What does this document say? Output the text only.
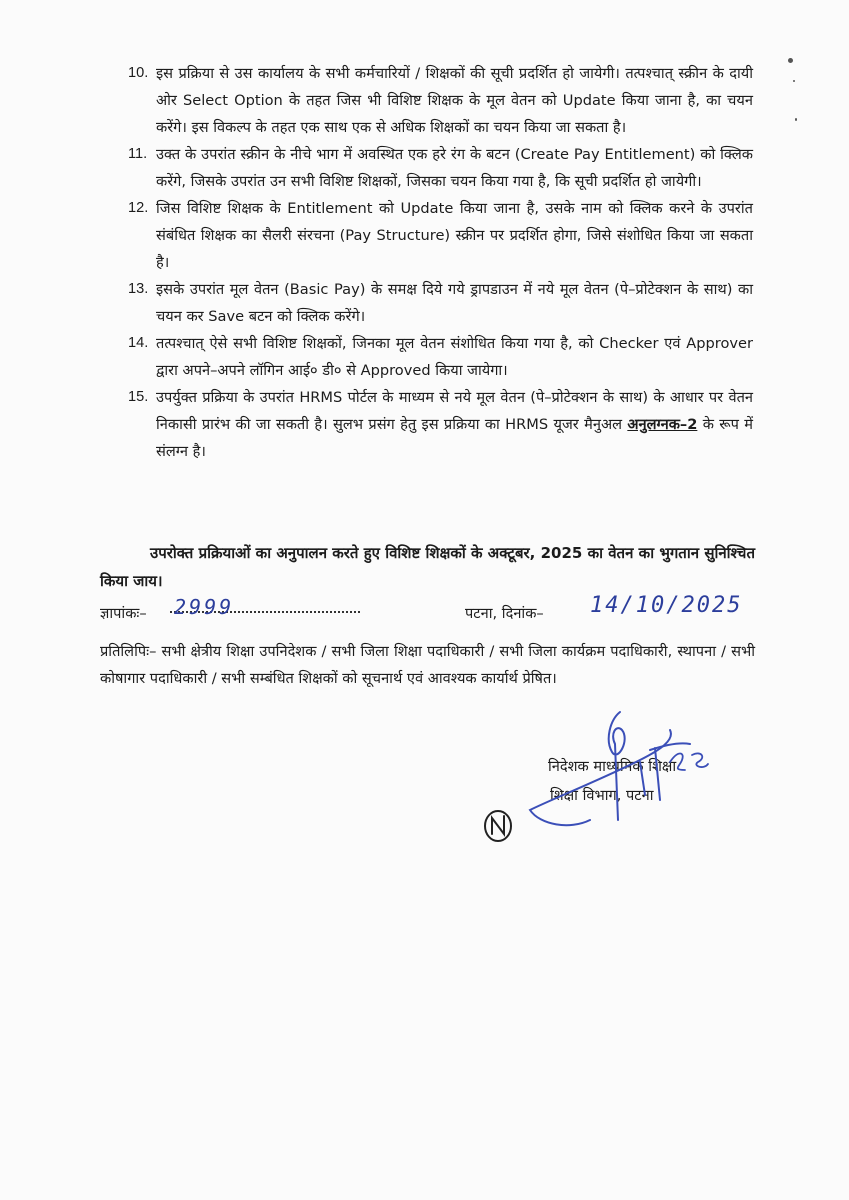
10. इस प्रक्रिया से उस कार्यालय के सभी कर्मचारियों / शिक्षकों की सूची प्रदर्शित हो जायेगी। तत्पश्चात् स्क्रीन के दायी ओर Select Option के तहत जिस भी विशिष्ट शिक्षक के मूल वेतन को Update किया जाना है, का चयन करेंगे। इस विकल्प के तहत एक साथ एक से अधिक शिक्षकों का चयन किया जा सकता है।

11. उक्त के उपरांत स्क्रीन के नीचे भाग में अवस्थित एक हरे रंग के बटन (Create Pay Entitlement) को क्लिक करेंगे, जिसके उपरांत उन सभी विशिष्ट शिक्षकों, जिसका चयन किया गया है, कि सूची प्रदर्शित हो जायेगी।

12. जिस विशिष्ट शिक्षक के Entitlement को Update किया जाना है, उसके नाम को क्लिक करने के उपरांत संबंधित शिक्षक का सैलरी संरचना (Pay Structure) स्क्रीन पर प्रदर्शित होगा, जिसे संशोधित किया जा सकता है।

13. इसके उपरांत मूल वेतन (Basic Pay) के समक्ष दिये गये ड्रापडाउन में नये मूल वेतन (पे–प्रोटेक्शन के साथ) का चयन कर Save बटन को क्लिक करेंगे।

14. तत्पश्चात् ऐसे सभी विशिष्ट शिक्षकों, जिनका मूल वेतन संशोधित किया गया है, को Checker एवं Approver द्वारा अपने–अपने लॉगिन आई० डी० से Approved किया जायेगा।

15. उपर्युक्त प्रक्रिया के उपरांत HRMS पोर्टल के माध्यम से नये मूल वेतन (पे–प्रोटेक्शन के साथ) के आधार पर वेतन निकासी प्रारंभ की जा सकती है। सुलभ प्रसंग हेतु इस प्रक्रिया का HRMS यूजर मैनुअल अनुलग्नक–2 के रूप में संलग्न है।

उपरोक्त प्रक्रियाओं का अनुपालन करते हुए विशिष्ट शिक्षकों के अक्टूबर, 2025 का वेतन का भुगतान सुनिश्चित किया जाय।

ज्ञापांकः– 2999	पटना, दिनांक– 14/10/2025

प्रतिलिपिः– सभी क्षेत्रीय शिक्षा उपनिदेशक / सभी जिला शिक्षा पदाधिकारी / सभी जिला कार्यक्रम पदाधिकारी, स्थापना / सभी कोषागार पदाधिकारी / सभी सम्बंधित शिक्षकों को सूचनार्थ एवं आवश्यक कार्यार्थ प्रेषित।

निदेशक माध्यमिक शिक्षा
शिक्षा विभाग, पटना
